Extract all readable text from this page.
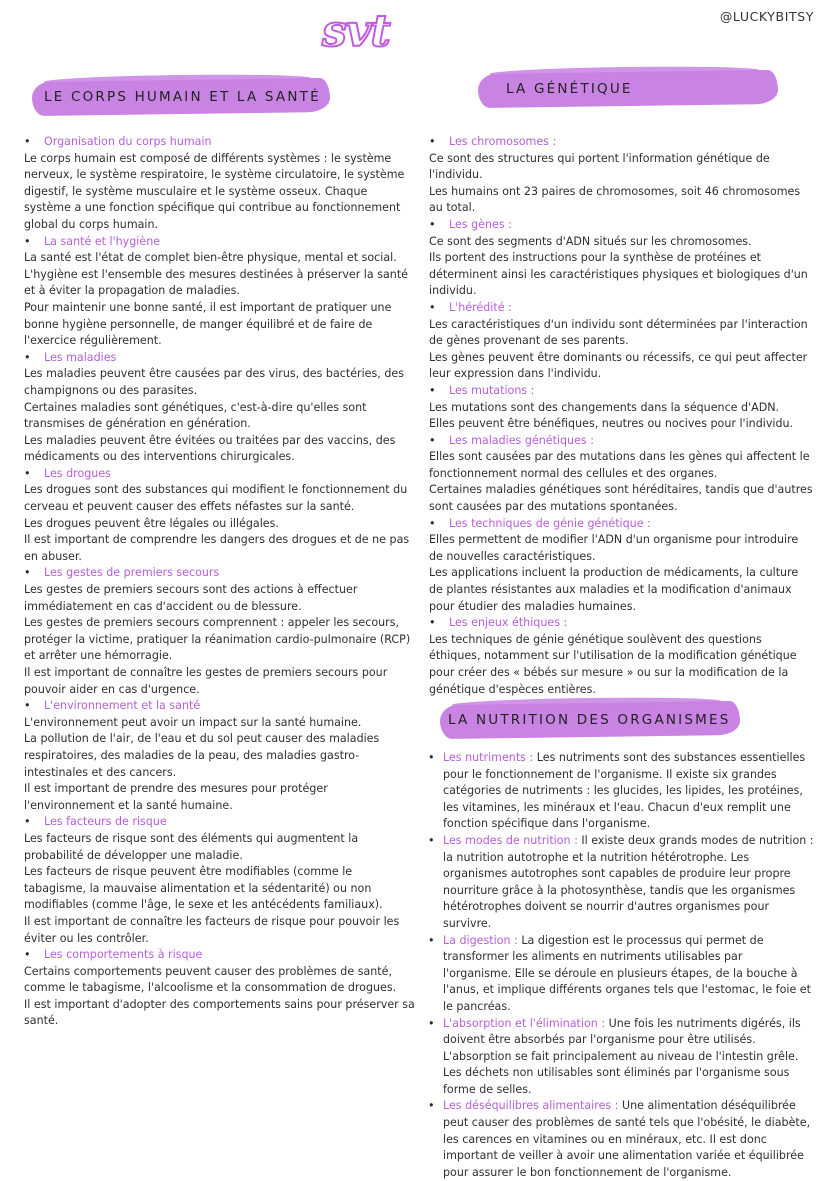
svt	@LUCKYBITSY
LE CORPS HUMAIN ET LA SANTÉ	LA GÉNÉTIQUE
LA NUTRITION DES ORGANISMES
• Organisation du corps humain

Le corps humain est composé de différents systèmes : le système nerveux, le système respiratoire, le système circulatoire, le système digestif, le système musculaire et le système osseux. Chaque système a une fonction spécifique qui contribue au fonctionnement global du corps humain.

• La santé et l'hygiène

La santé est l'état de complet bien-être physique, mental et social.

L'hygiène est l'ensemble des mesures destinées à préserver la santé et à éviter la propagation de maladies.

Pour maintenir une bonne santé, il est important de pratiquer une bonne hygiène personnelle, de manger équilibré et de faire de l'exercice régulièrement.

• Les maladies

Les maladies peuvent être causées par des virus, des bactéries, des champignons ou des parasites.

Certaines maladies sont génétiques, c'est-à-dire qu'elles sont transmises de génération en génération.

Les maladies peuvent être évitées ou traitées par des vaccins, des médicaments ou des interventions chirurgicales.

• Les drogues

Les drogues sont des substances qui modifient le fonctionnement du cerveau et peuvent causer des effets néfastes sur la santé.

Les drogues peuvent être légales ou illégales.

Il est important de comprendre les dangers des drogues et de ne pas en abuser.

• Les gestes de premiers secours

Les gestes de premiers secours sont des actions à effectuer immédiatement en cas d'accident ou de blessure.

Les gestes de premiers secours comprennent : appeler les secours, protéger la victime, pratiquer la réanimation cardio-pulmonaire (RCP) et arrêter une hémorragie.

Il est important de connaître les gestes de premiers secours pour pouvoir aider en cas d'urgence.

• L'environnement et la santé

L'environnement peut avoir un impact sur la santé humaine.

La pollution de l'air, de l'eau et du sol peut causer des maladies respiratoires, des maladies de la peau, des maladies gastro-intestinales et des cancers.

Il est important de prendre des mesures pour protéger l'environnement et la santé humaine.

• Les facteurs de risque

Les facteurs de risque sont des éléments qui augmentent la probabilité de développer une maladie.

Les facteurs de risque peuvent être modifiables (comme le tabagisme, la mauvaise alimentation et la sédentarité) ou non modifiables (comme l'âge, le sexe et les antécédents familiaux).

Il est important de connaître les facteurs de risque pour pouvoir les éviter ou les contrôler.

• Les comportements à risque

Certains comportements peuvent causer des problèmes de santé, comme le tabagisme, l'alcoolisme et la consommation de drogues.

Il est important d'adopter des comportements sains pour préserver sa santé.

• Les chromosomes :

Ce sont des structures qui portent l'information génétique de l'individu.

Les humains ont 23 paires de chromosomes, soit 46 chromosomes au total.

• Les gènes :

Ce sont des segments d'ADN situés sur les chromosomes.

Ils portent des instructions pour la synthèse de protéines et déterminent ainsi les caractéristiques physiques et biologiques d'un individu.

• L'hérédité :

Les caractéristiques d'un individu sont déterminées par l'interaction de gènes provenant de ses parents.

Les gènes peuvent être dominants ou récessifs, ce qui peut affecter leur expression dans l'individu.

• Les mutations :

Les mutations sont des changements dans la séquence d'ADN.

Elles peuvent être bénéfiques, neutres ou nocives pour l'individu.

• Les maladies génétiques :

Elles sont causées par des mutations dans les gènes qui affectent le fonctionnement normal des cellules et des organes.

Certaines maladies génétiques sont héréditaires, tandis que d'autres sont causées par des mutations spontanées.

• Les techniques de génie génétique :

Elles permettent de modifier l'ADN d'un organisme pour introduire de nouvelles caractéristiques.

Les applications incluent la production de médicaments, la culture de plantes résistantes aux maladies et la modification d'animaux pour étudier des maladies humaines.

• Les enjeux éthiques :

Les techniques de génie génétique soulèvent des questions éthiques, notamment sur l'utilisation de la modification génétique pour créer des « bébés sur mesure » ou sur la modification de la génétique d'espèces entières.

• Les nutriments : Les nutriments sont des substances essentielles pour le fonctionnement de l'organisme. Il existe six grandes catégories de nutriments : les glucides, les lipides, les protéines, les vitamines, les minéraux et l'eau. Chacun d'eux remplit une fonction spécifique dans l'organisme.
• Les modes de nutrition : Il existe deux grands modes de nutrition : la nutrition autotrophe et la nutrition hétérotrophe. Les organismes autotrophes sont capables de produire leur propre nourriture grâce à la photosynthèse, tandis que les organismes hétérotrophes doivent se nourrir d'autres organismes pour survivre.
• La digestion : La digestion est le processus qui permet de transformer les aliments en nutriments utilisables par l'organisme. Elle se déroule en plusieurs étapes, de la bouche à l'anus, et implique différents organes tels que l'estomac, le foie et le pancréas.
• L'absorption et l'élimination : Une fois les nutriments digérés, ils doivent être absorbés par l'organisme pour être utilisés. L'absorption se fait principalement au niveau de l'intestin grêle. Les déchets non utilisables sont éliminés par l'organisme sous forme de selles.
• Les déséquilibres alimentaires : Une alimentation déséquilibrée peut causer des problèmes de santé tels que l'obésité, le diabète, les carences en vitamines ou en minéraux, etc. Il est donc important de veiller à avoir une alimentation variée et équilibrée pour assurer le bon fonctionnement de l'organisme.
